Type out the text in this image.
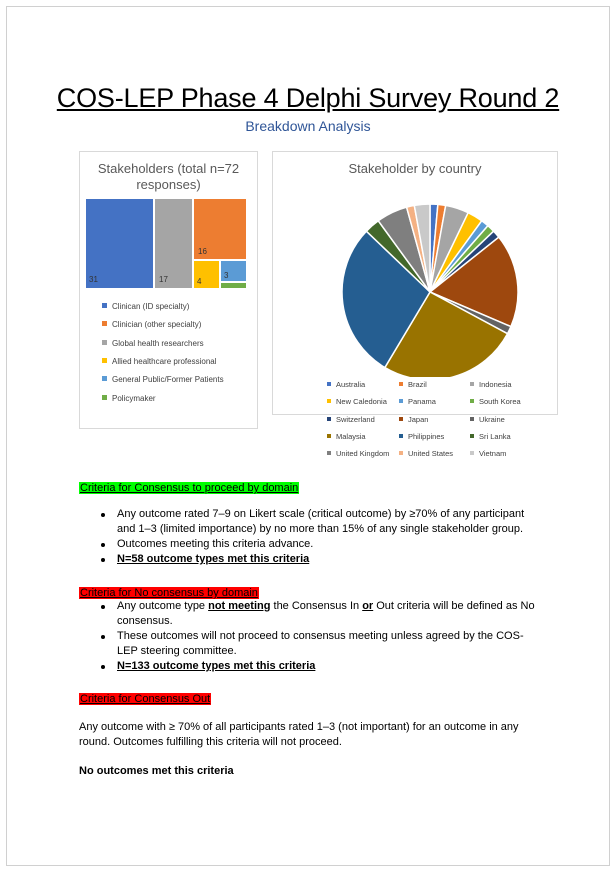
COS-LEP Phase 4 Delphi Survey Round 2
Breakdown Analysis
Stakeholders (total n=72 responses)
31
16
17	4
3
Clinican (ID specialty)
Clinician (other specialty)
Global health researchers
Allied healthcare professional
General Public/Former Patients
Policymaker
Stakeholder by country
Australia	Brazil	Indonesia
New Caledonia	Panama	South Korea
Switzerland	Japan	Ukraine
Malaysia	Philippines	Sri Lanka
United Kingdom	United States	Vietnam
Criteria for Consensus to proceed by domain
Any outcome rated 7–9 on Likert scale (critical outcome) by ≥70% of any participant and 1–3 (limited importance) by no more than 15% of any single stakeholder group.
Outcomes meeting this criteria advance.
N=58 outcome types met this criteria
Criteria for No consensus by domain
Any outcome type not meeting the Consensus In or Out criteria will be defined as No consensus.
These outcomes will not proceed to consensus meeting unless agreed by the COS-LEP steering committee.
N=133 outcome types met this criteria
Criteria for Consensus Out
Any outcome with ≥ 70% of all participants rated 1–3 (not important) for an outcome in any round. Outcomes fulfilling this criteria will not proceed.
No outcomes met this criteria
